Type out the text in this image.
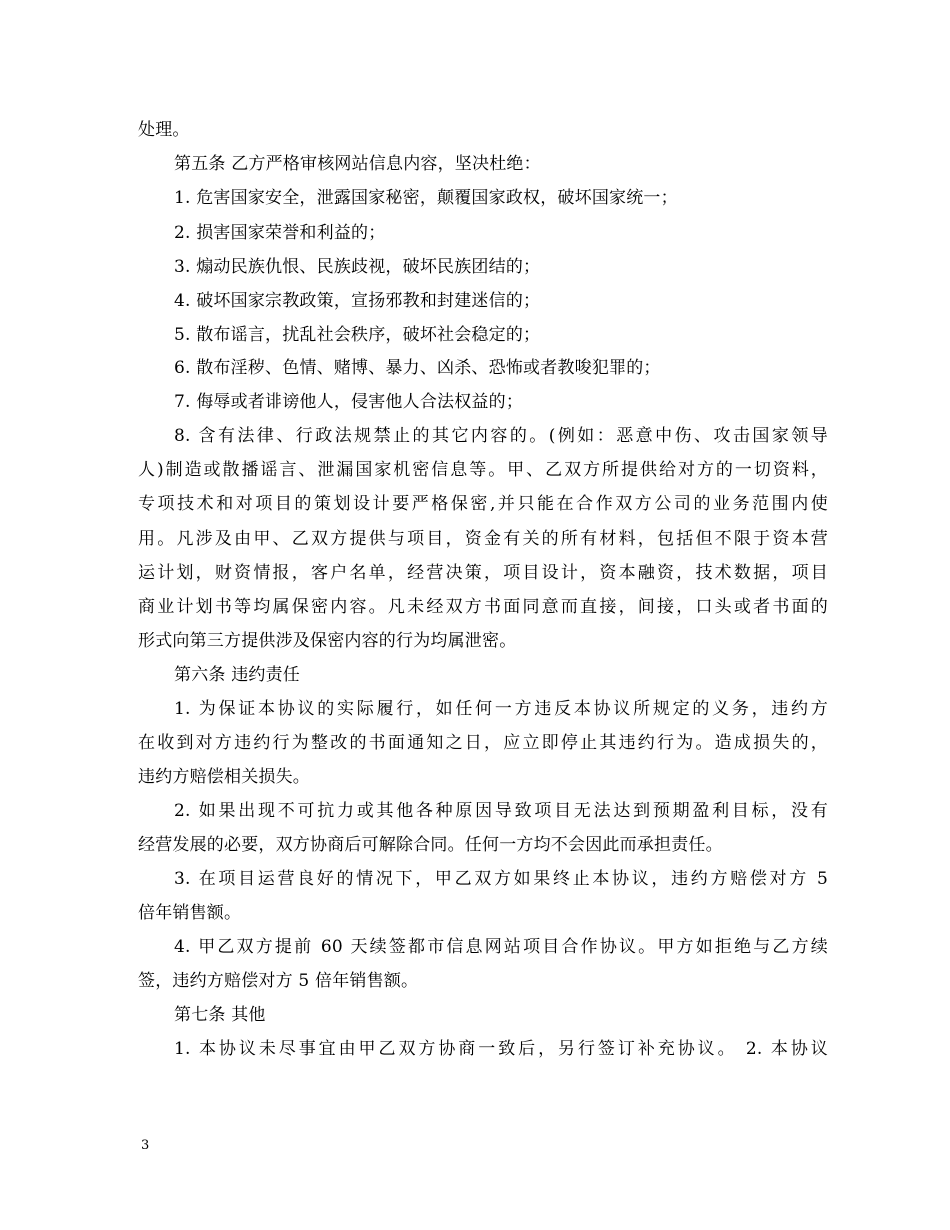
处理。
第五条 乙方严格审核网站信息内容，坚决杜绝：
1. 危害国家安全，泄露国家秘密，颠覆国家政权，破坏国家统一；
2. 损害国家荣誉和利益的；
3. 煽动民族仇恨、民族歧视，破坏民族团结的；
4. 破坏国家宗教政策，宣扬邪教和封建迷信的；
5. 散布谣言，扰乱社会秩序，破坏社会稳定的；
6. 散布淫秽、色情、赌博、暴力、凶杀、恐怖或者教唆犯罪的；
7. 侮辱或者诽谤他人，侵害他人合法权益的；
8. 含有法律、行政法规禁止的其它内容的。(例如：恶意中伤、攻击国家领导
人)制造或散播谣言、泄漏国家机密信息等。甲、乙双方所提供给对方的一切资料，
专项技术和对项目的策划设计要严格保密,并只能在合作双方公司的业务范围内使
用。凡涉及由甲、乙双方提供与项目，资金有关的所有材料，包括但不限于资本营
运计划，财资情报，客户名单，经营决策，项目设计，资本融资，技术数据，项目
商业计划书等均属保密内容。凡未经双方书面同意而直接，间接，口头或者书面的
形式向第三方提供涉及保密内容的行为均属泄密。
第六条 违约责任
1. 为保证本协议的实际履行，如任何一方违反本协议所规定的义务，违约方
在收到对方违约行为整改的书面通知之日，应立即停止其违约行为。造成损失的，
违约方赔偿相关损失。
2. 如果出现不可抗力或其他各种原因导致项目无法达到预期盈利目标，没有
经营发展的必要，双方协商后可解除合同。任何一方均不会因此而承担责任。
3. 在项目运营良好的情况下，甲乙双方如果终止本协议，违约方赔偿对方 5
倍年销售额。
4. 甲乙双方提前 60 天续签都市信息网站项目合作协议。甲方如拒绝与乙方续
签，违约方赔偿对方 5 倍年销售额。
第七条 其他
1. 本协议未尽事宜由甲乙双方协商一致后，另行签订补充协议。 2. 本协议
3
